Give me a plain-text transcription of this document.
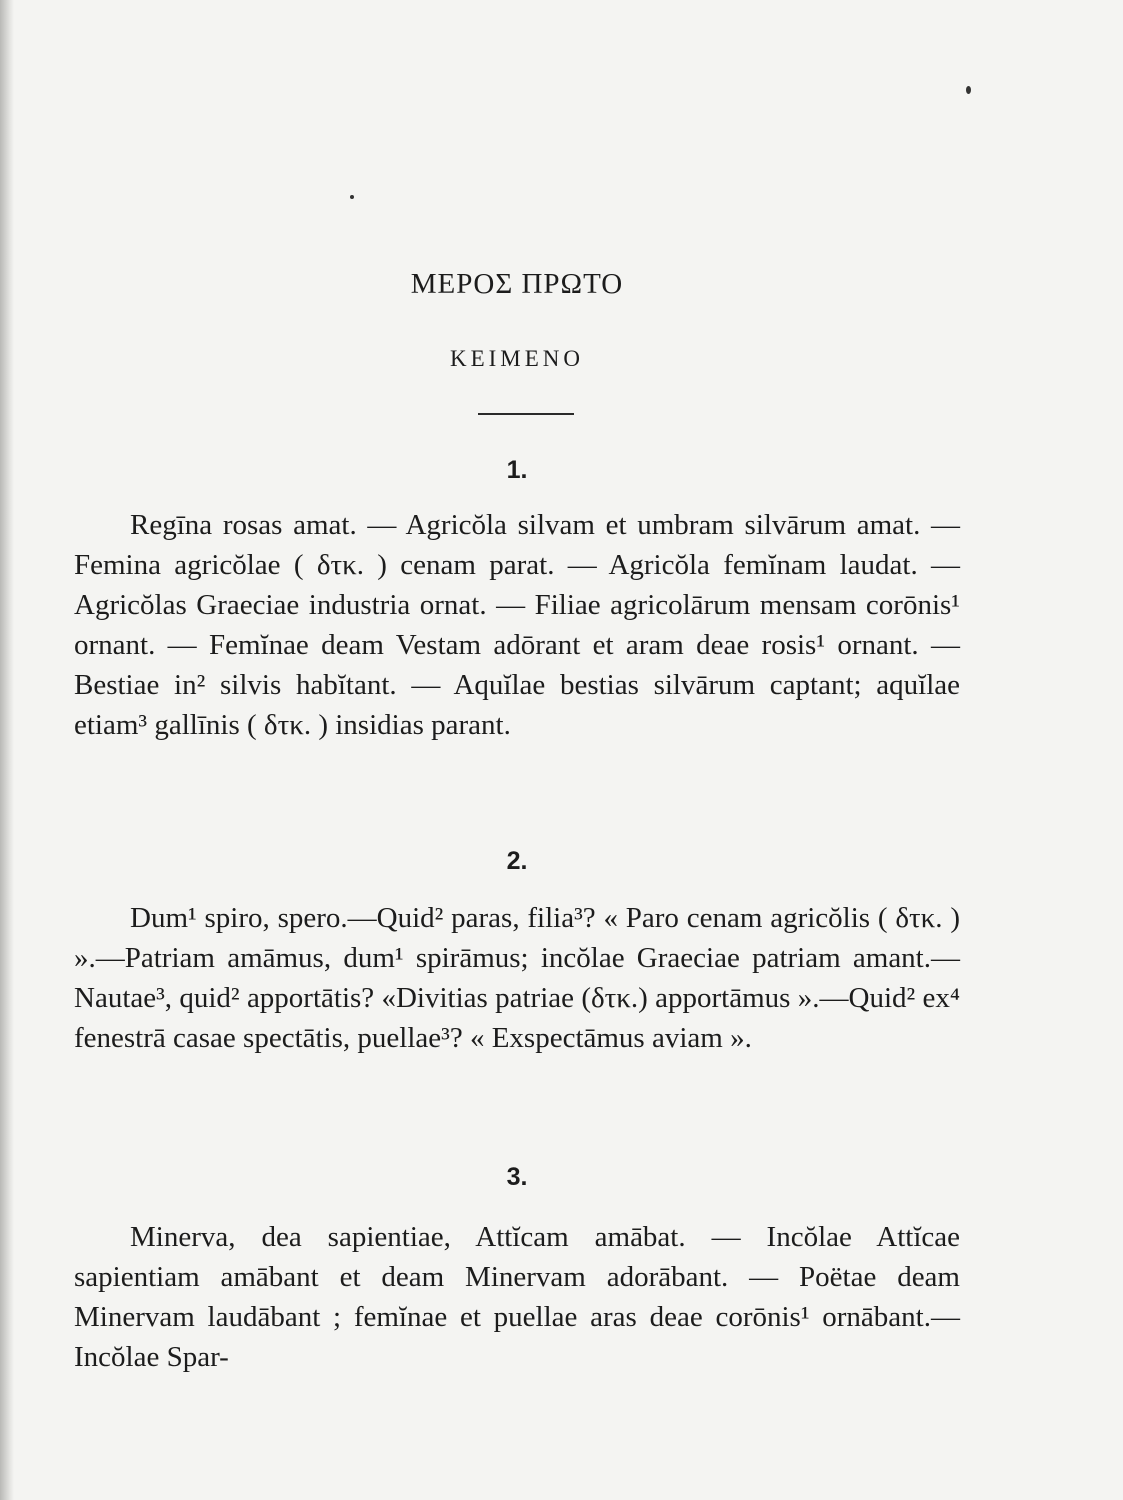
ΜΕΡΟΣ ΠΡΩΤΟ
ΚΕΙΜΕΝΟ
1.
Regīna rosas amat. — Agricŏla silvam et umbram silvārum amat. — Femina agricŏlae ( δτκ. ) cenam parat. — Agricŏla femĭnam laudat. — Agricŏlas Graeciae industria ornat. — Filiae agricolārum mensam corōnis¹ ornant. — Femĭnae deam Vestam adōrant et aram deae rosis¹ ornant. — Bestiae in² silvis habĭtant. — Aquĭlae bestias silvārum captant; aquĭlae etiam³ gallīnis ( δτκ. ) insidias parant.
2.
Dum¹ spiro, spero.—Quid² paras, filia³? « Paro cenam agricŏlis ( δτκ. ) ».—Patriam amāmus, dum¹ spirāmus; incŏlae Graeciae patriam amant.—Nautae³, quid² apportātis? «Divitias patriae (δτκ.) apportāmus ».—Quid² ex⁴ fenestrā casae spectātis, puellae³? « Exspectāmus aviam ».
3.
Minerva, dea sapientiae, Attĭcam amābat. — Incŏlae Attĭcae sapientiam amābant et deam Minervam adorābant. — Poëtae deam Minervam laudābant ; femĭnae et puellae aras deae corōnis¹ ornābant.—Incŏlae Spar-
